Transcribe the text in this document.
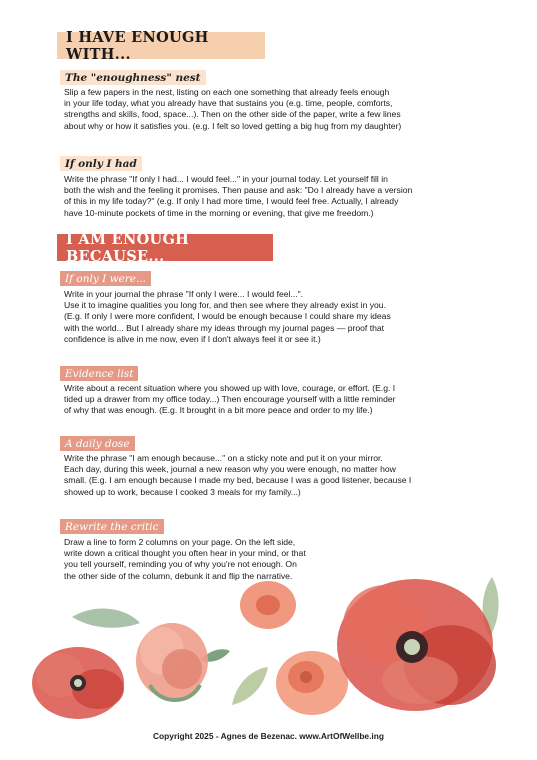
I HAVE ENOUGH WITH...
The "enoughness" nest

Slip a few papers in the nest, listing on each one something that already feels enough

in your life today, what you already have that sustains you (e.g. time, people, comforts,

strengths and skills, food, space...). Then on the other side of the paper, write a few lines

about why or how it satisfies you. (e.g. I felt so loved getting a big hug from my daughter)

If only I had

Write the phrase "If only I had... I would feel..." in your journal today. Let yourself fill in

both the wish and the feeling it promises. Then pause and ask: "Do I already have a version

of this in my life today?" (e.g. If only I had more time, I would feel free. Actually, I already

have 10-minute pockets of time in the morning or evening, that give me freedom.)

I AM ENOUGH BECAUSE...
If only I were...

Write in your journal the phrase "If only I were... I would feel...".

Use it to imagine qualities you long for, and then see where they already exist in you.

(E.g. If only I were more confident, I would be enough because I could share my ideas

with the world... But I already share my ideas through my journal pages — proof that

confidence is alive in me now, even if I don't always feel it or see it.)

Evidence list

Write about a recent situation where you showed up with love, courage, or effort. (E.g. I

tided up a drawer from my office today...) Then encourage yourself with a little reminder

of why that was enough. (E.g. It brought in a bit more peace and order to my life.)

A daily dose

Write the phrase "I am enough because..." on a sticky note and put it on your mirror.

Each day, during this week, journal a new reason why you were enough, no matter how

small. (E.g. I am enough because I made my bed, because I was a good listener, because I

showed up to work, because I cooked 3 meals for my family...)

Rewrite the critic

Draw a line to form 2 columns on your page. On the left side,

write down a critical thought you often hear in your mind, or that

you tell yourself, reminding you of why you're not enough. On

the other side of the column, debunk it and flip the narrative.

Copyright 2025 - Agnes de Bezenac. www.ArtOfWellbe.ing
